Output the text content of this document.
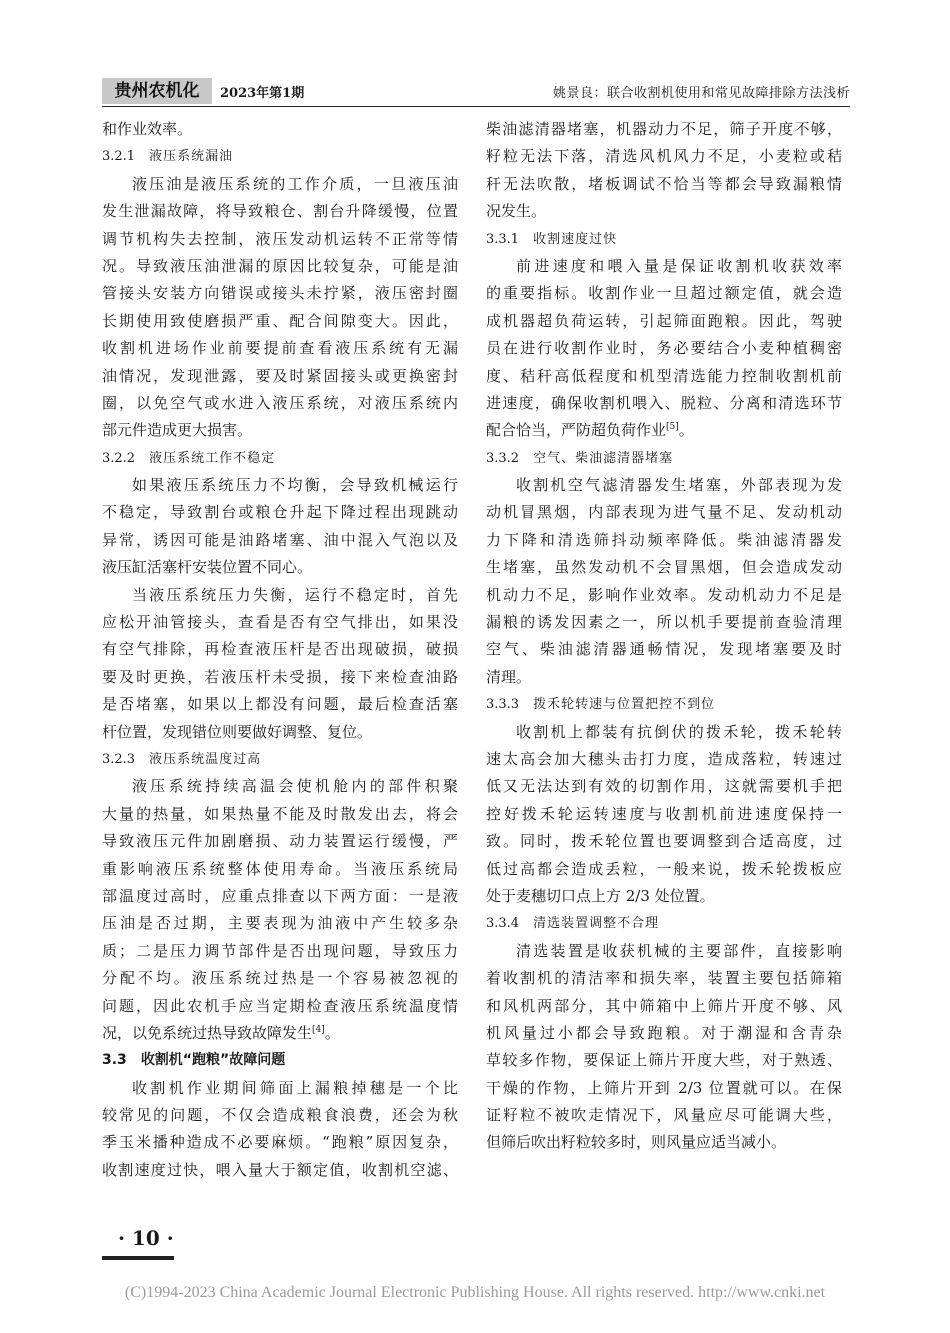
贵州农机化	2023年第1期	姚景良：联合收割机使用和常见故障排除方法浅析
和作业效率。
3.2.1 液压系统漏油
液压油是液压系统的工作介质，一旦液压油
发生泄漏故障，将导致粮仓、割台升降缓慢，位置
调节机构失去控制，液压发动机运转不正常等情
况。导致液压油泄漏的原因比较复杂，可能是油
管接头安装方向错误或接头未拧紧，液压密封圈
长期使用致使磨损严重、配合间隙变大。因此，
收割机进场作业前要提前查看液压系统有无漏
油情况，发现泄露，要及时紧固接头或更换密封
圈，以免空气或水进入液压系统，对液压系统内
部元件造成更大损害。
3.2.2 液压系统工作不稳定
如果液压系统压力不均衡，会导致机械运行
不稳定，导致割台或粮仓升起下降过程出现跳动
异常，诱因可能是油路堵塞、油中混入气泡以及
液压缸活塞杆安装位置不同心。
当液压系统压力失衡，运行不稳定时，首先
应松开油管接头，查看是否有空气排出，如果没
有空气排除，再检查液压杆是否出现破损，破损
要及时更换，若液压杆未受损，接下来检查油路
是否堵塞，如果以上都没有问题，最后检查活塞
杆位置，发现错位则要做好调整、复位。
3.2.3 液压系统温度过高
液压系统持续高温会使机舱内的部件积聚
大量的热量，如果热量不能及时散发出去，将会
导致液压元件加剧磨损、动力装置运行缓慢，严
重影响液压系统整体使用寿命。当液压系统局
部温度过高时，应重点排查以下两方面：一是液
压油是否过期，主要表现为油液中产生较多杂
质；二是压力调节部件是否出现问题，导致压力
分配不均。液压系统过热是一个容易被忽视的
问题，因此农机手应当定期检查液压系统温度情
况，以免系统过热导致故障发生[4]。
3.3 收割机“跑粮”故障问题
收割机作业期间筛面上漏粮掉穗是一个比
较常见的问题，不仅会造成粮食浪费，还会为秋
季玉米播种造成不必要麻烦。“跑粮”原因复杂，
收割速度过快，喂入量大于额定值，收割机空滤、
柴油滤清器堵塞，机器动力不足，筛子开度不够，
籽粒无法下落，清选风机风力不足，小麦粒或秸
秆无法吹散，堵板调试不恰当等都会导致漏粮情
况发生。
3.3.1 收割速度过快
前进速度和喂入量是保证收割机收获效率
的重要指标。收割作业一旦超过额定值，就会造
成机器超负荷运转，引起筛面跑粮。因此，驾驶
员在进行收割作业时，务必要结合小麦种植稠密
度、秸秆高低程度和机型清选能力控制收割机前
进速度，确保收割机喂入、脱粒、分离和清选环节
配合恰当，严防超负荷作业[5]。
3.3.2 空气、柴油滤清器堵塞
收割机空气滤清器发生堵塞，外部表现为发
动机冒黑烟，内部表现为进气量不足、发动机动
力下降和清选筛抖动频率降低。柴油滤清器发
生堵塞，虽然发动机不会冒黑烟，但会造成发动
机动力不足，影响作业效率。发动机动力不足是
漏粮的诱发因素之一，所以机手要提前查验清理
空气、柴油滤清器通畅情况，发现堵塞要及时
清理。
3.3.3 拨禾轮转速与位置把控不到位
收割机上都装有抗倒伏的拨禾轮，拨禾轮转
速太高会加大穗头击打力度，造成落粒，转速过
低又无法达到有效的切割作用，这就需要机手把
控好拨禾轮运转速度与收割机前进速度保持一
致。同时，拨禾轮位置也要调整到合适高度，过
低过高都会造成丢粒，一般来说，拨禾轮拨板应
处于麦穗切口点上方 2/3 处位置。
3.3.4 清选装置调整不合理
清选装置是收获机械的主要部件，直接影响
着收割机的清洁率和损失率，装置主要包括筛箱
和风机两部分，其中筛箱中上筛片开度不够、风
机风量过小都会导致跑粮。对于潮湿和含青杂
草较多作物，要保证上筛片开度大些，对于熟透、
干燥的作物，上筛片开到 2/3 位置就可以。在保
证籽粒不被吹走情况下，风量应尽可能调大些，
但筛后吹出籽粒较多时，则风量应适当减小。
· 10 ·
(C)1994-2023 China Academic Journal Electronic Publishing House. All rights reserved. http://www.cnki.net
